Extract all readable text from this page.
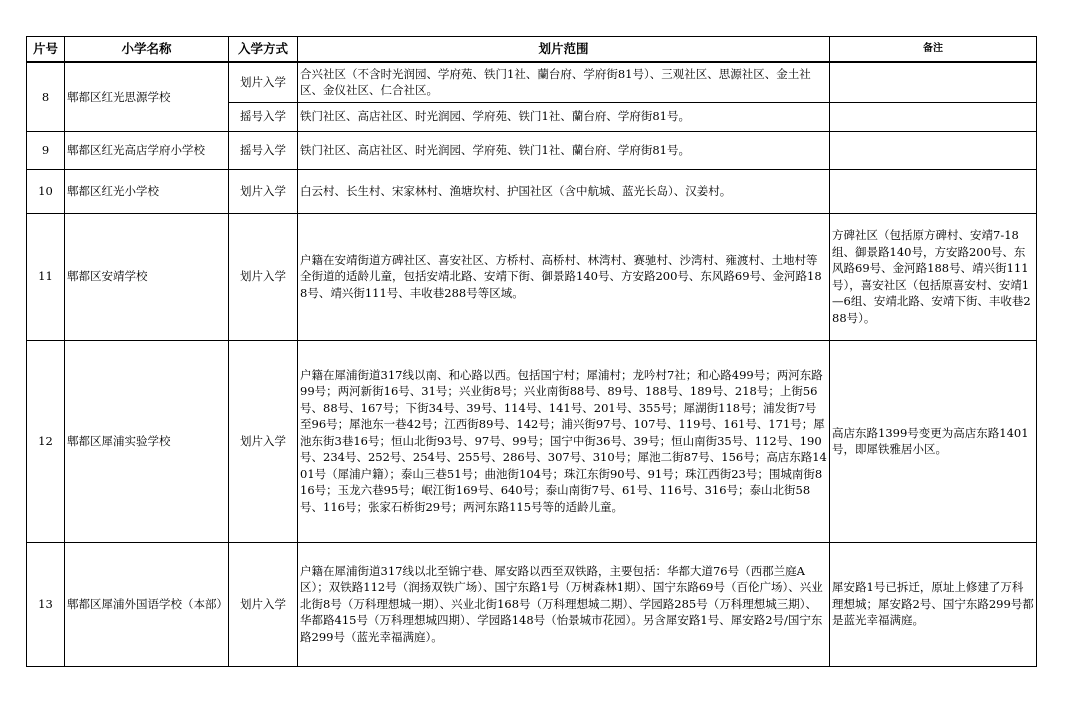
片号	小学名称	入学方式	划片范围	备注
8	郫都区红光思源学校	划片入学	合兴社区（不含时光润园、学府苑、铁门1社、蘭台府、学府街81号）、三观社区、思源社区、金土社区、金仪社区、仁合社区。	
		摇号入学	铁门社区、高店社区、时光润园、学府苑、铁门1社、蘭台府、学府街81号。	
9	郫都区红光高店学府小学校	摇号入学	铁门社区、高店社区、时光润园、学府苑、铁门1社、蘭台府、学府街81号。	
10	郫都区红光小学校	划片入学	白云村、长生村、宋家林村、渔塘坎村、护国社区（含中航城、蓝光长岛）、汉姜村。	
11	郫都区安靖学校	划片入学	户籍在安靖街道方碑社区、喜安社区、方桥村、高桥村、林湾村、赛驰村、沙湾村、雍渡村、土地村等全街道的适龄儿童，包括安靖北路、安靖下街、御景路140号、方安路200号、东风路69号、金河路188号、靖兴街111号、丰收巷288号等区域。	方碑社区（包括原方碑村、安靖7-18组、御景路140号，方安路200号、东风路69号、金河路188号、靖兴街111号），喜安社区（包括原喜安村、安靖1—6组、安靖北路、安靖下街、丰收巷288号）。
12	郫都区犀浦实验学校	划片入学	户籍在犀浦街道317线以南、和心路以西。包括国宁村；犀浦村；龙吟村7社；和心路499号；两河东路99号；两河新街16号、31号；兴业街8号；兴业南街88号、89号、188号、189号、218号；上街56号、88号、167号；下街34号、39号、114号、141号、201号、355号；犀湖街118号；浦发街7号至96号；犀池东一巷42号；江西街89号、142号；浦兴街97号、107号、119号、161号、171号；犀池东街3巷16号；恒山北街93号、97号、99号；国宁中街36号、39号；恒山南街35号、112号、190号、234号、252号、254号、255号、286号、307号、310号；犀池二街87号、156号；高店东路1401号（犀浦户籍）；泰山三巷51号；曲池街104号；珠江东街90号、91号；珠江西街23号；围城南街816号；玉龙六巷95号；岷江街169号、640号；泰山南街7号、61号、116号、316号；泰山北街58号、116号；张家石桥街29号；两河东路115号等的适龄儿童。	高店东路1399号变更为高店东路1401号，即犀铁雅居小区。
13	郫都区犀浦外国语学校（本部）	划片入学	户籍在犀浦街道317线以北至锦宁巷、犀安路以西至双铁路，主要包括：华都大道76号（西郡兰庭A区）；双铁路112号（润扬双铁广场）、国宁东路1号（万树森林1期）、国宁东路69号（百伦广场）、兴业北街8号（万科理想城一期）、兴业北街168号（万科理想城二期）、学园路285号（万科理想城三期）、华都路415号（万科理想城四期）、学园路148号（怡景城市花园）。另含犀安路1号、犀安路2号/国宁东路299号（蓝光幸福满庭）。	犀安路1号已拆迁，原址上修建了万科理想城；犀安路2号、国宁东路299号都是蓝光幸福满庭。
